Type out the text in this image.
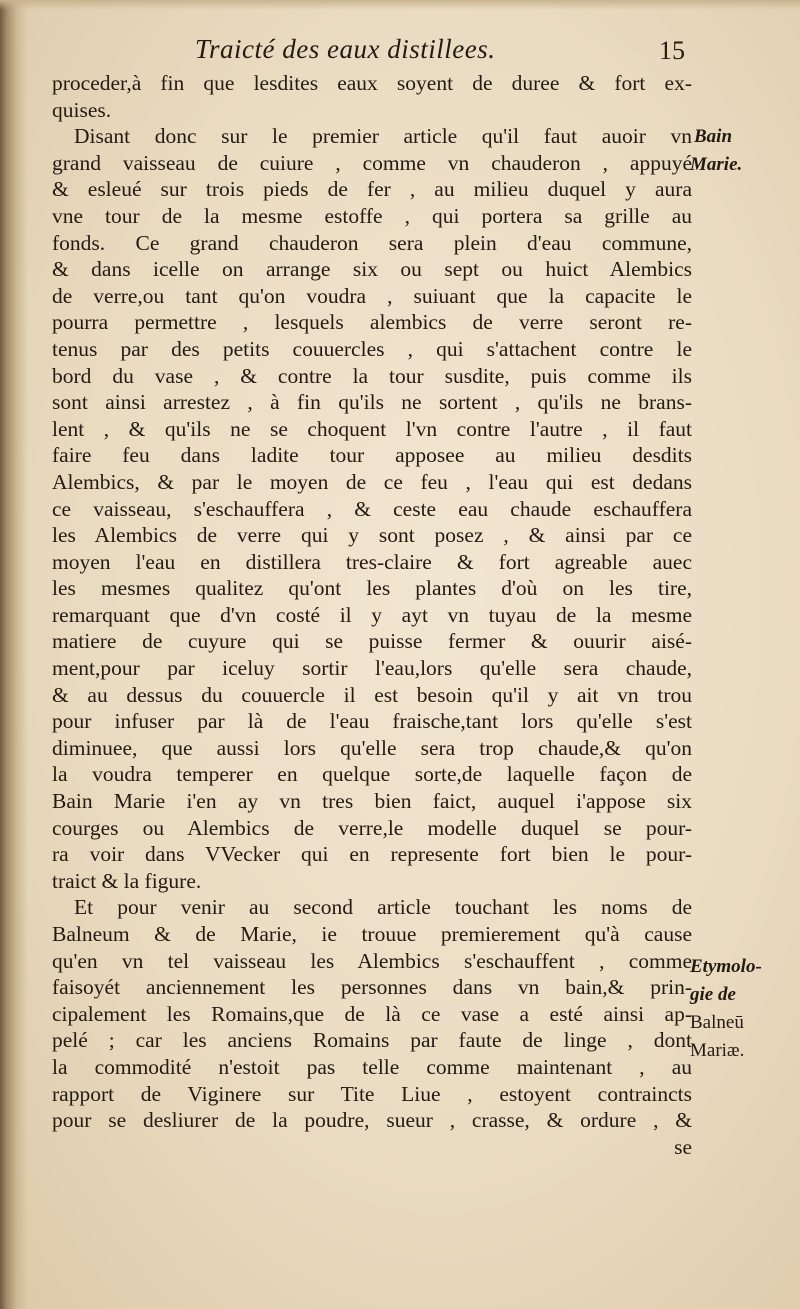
Traicté des eaux distillees.	15
proceder,à fin que lesdites eaux soyent de duree & fort ex-
quises.
Disant donc sur le premier article qu'il faut auoir vn
grand vaisseau de cuiure , comme vn chauderon , appuyé
& esleué sur trois pieds de fer , au milieu duquel y aura
vne tour de la mesme estoffe , qui portera sa grille au
fonds. Ce grand chauderon sera plein d'eau commune,
& dans icelle on arrange six ou sept ou huict Alembics
de verre,ou tant qu'on voudra , suiuant que la capacite le
pourra permettre , lesquels alembics de verre seront re-
tenus par des petits couuercles , qui s'attachent contre le
bord du vase , & contre la tour susdite, puis comme ils
sont ainsi arrestez , à fin qu'ils ne sortent , qu'ils ne brans-
lent , & qu'ils ne se choquent l'vn contre l'autre , il faut
faire feu dans ladite tour apposee au milieu desdits
Alembics, & par le moyen de ce feu , l'eau qui est dedans
ce vaisseau, s'eschauffera , & ceste eau chaude eschauffera
les Alembics de verre qui y sont posez , & ainsi par ce
moyen l'eau en distillera tres-claire & fort agreable auec
les mesmes qualitez qu'ont les plantes d'où on les tire,
remarquant que d'vn costé il y ayt vn tuyau de la mesme
matiere de cuyure qui se puisse fermer & ouurir aisé-
ment,pour par iceluy sortir l'eau,lors qu'elle sera chaude,
& au dessus du couuercle il est besoin qu'il y ait vn trou
pour infuser par là de l'eau fraische,tant lors qu'elle s'est
diminuee, que aussi lors qu'elle sera trop chaude,& qu'on
la voudra temperer en quelque sorte,de laquelle façon de
Bain Marie i'en ay vn tres bien faict, auquel i'appose six
courges ou Alembics de verre,le modelle duquel se pour-
ra voir dans VVecker qui en represente fort bien le pour-
traict & la figure.
Et pour venir au second article touchant les noms de
Balneum & de Marie, ie trouue premierement qu'à cause
qu'en vn tel vaisseau les Alembics s'eschauffent , comme
faisoyét anciennement les personnes dans vn bain,& prin-
cipalement les Romains,que de là ce vase a esté ainsi ap-
pelé ; car les anciens Romains par faute de linge , dont
la commodité n'estoit pas telle comme maintenant , au
rapport de Viginere sur Tite Liue , estoyent contraincts
pour se desliurer de la poudre, sueur , crasse, & ordure , &
se
Bain
Marie.
Etymolo-
gie de
Balneū
Mariæ.
